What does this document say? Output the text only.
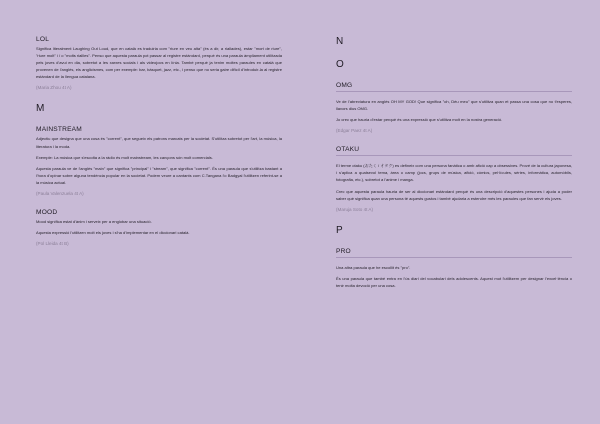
LOL
Significa literalment Laughing Out Loud, que en català es traduiria com "riure en veu alta" (és a dir, a riallades), estar "mort de riure", "riure molt" i / o "molts riallles". Penso que aquesta paraula pot passar al registre estàndard, perquè és una paraula àmpliament utilitzada pels joves d'avui en dia, sobretot a les xarxes socials i als videojocs en línia. També perquè ja tenim moltes paraules en català que provenen de l'anglès, els anglicismes, com per exemple: bar, bàsquet, jazz, etc., i penso que no seria gaire difícil d'introduir-la al registre estàndard de la llengua catalana.
(Maria Zhou 4t A)
M
MAINSTREAM
Adjectiu que designa que una cosa és "corrent", que segueix els patrons marcats per la societat. S'utilitza sobretot per l'art, la música, la literatura i la moda.
Exemple: La música que s'escolta a la ràdio és molt mainstream, les cançons són molt comercials.
Aquesta paraula ve de l'anglès "main" que significa "principal" i "stream", que significa "corrent". És una paraula que s'utilitza bastant a l'hora d'opinar sobre alguna tendència popular en la societat. Podem veure a cantants com C.Tangana i'o Badgyal l'utilitzen referint-se a la música actual.
(Paula Valenzuela 4t A)
MOOD
Mood significa estat d'ànim i serveix per a englobar una situació.
Aquesta expressió l'utilitzen molt els joves i s'ha d'implementar en el diccionari català.
(Pol Lleida 4t B)
N
O
OMG
Ve de l'abreviatura en anglès OH MY GOD! Que significa "oh, Déu meu" que s'utilitza quan et passa una cosa que no t'esperes, llavors dius OMG.
Jo crec que hauria d'estar perquè és una expressió que s'utilitza molt en la nostra generació.
(Edgar Paez 4t A)
OTAKU
El terme otaku (おたく / オタク) es defineix com una persona fanàtica o amb afició cap a obsessives. Prové de la cultura japonesa, i s'aplica a qualsevol tema, àrea o camp (jocs, grups de música, afició, còmics, pel·lícules, sèries, informàtica, automòbils, fotografia, etc.), sobretot a l'anime i manga.
Crec que aquesta paraula hauria de ser al diccionari estàndard perquè és una descripció d'aquestes persones i ajuda a poder saber què significa quan una persona té aquests gustos i també ajudaria a estendre més les paraules que fan servir els joves.
(Maruja Soto 4t A)
P
PRO
Una altra paraula que he escollit és "pro".
És una paraula que també entra en l'ús diari del vocabulari dels adolescents. Aquest mot l'utilitzem per designar l'excel·lència o tenir molta devoció per una cosa.
